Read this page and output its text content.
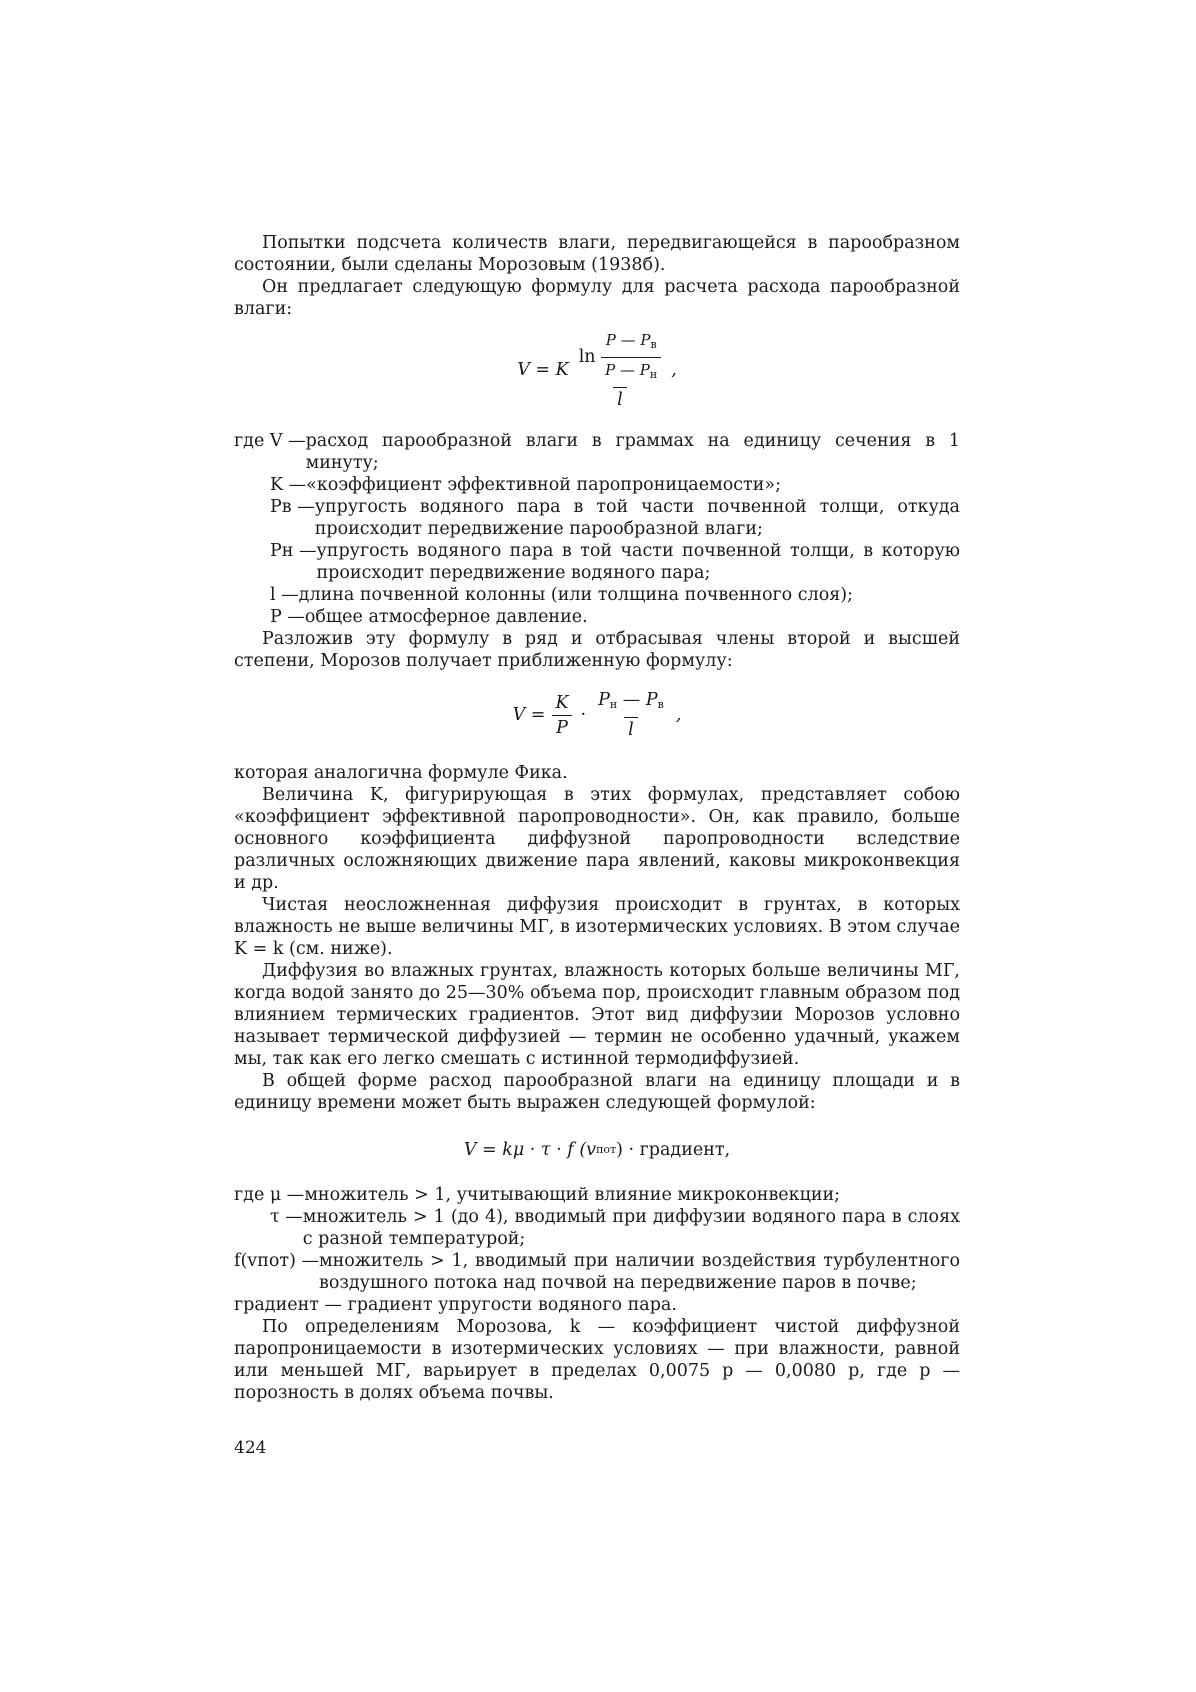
Попытки подсчета количеств влаги, передвигающейся в парообразном состоянии, были сделаны Морозовым (1938б).

Он предлагает следующую формулу для расчета расхода парообразной влаги:

V = K $\frac{\ln \frac{P — P_в}{P — P_н}}{l}$ ,
где V — расход парообразной влаги в граммах на единицу сечения в 1 минуту;
K — «коэффициент эффективной паропроницаемости»;
Pв — упругость водяного пара в той части почвенной толщи, откуда происходит передвижение парообразной влаги;
Pн — упругость водяного пара в той части почвенной толщи, в которую происходит передвижение водяного пара;
l — длина почвенной колонны (или толщина почвенного слоя);
P — общее атмосферное давление.

Разложив эту формулу в ряд и отбрасывая члены второй и высшей степени, Морозов получает приближенную формулу:

$V = \frac{K}{P} \cdot \frac{P_н — P_в}{l}$ ,

которая аналогична формуле Фика.

Величина K, фигурирующая в этих формулах, представляет собою «коэффициент эффективной паропроводности». Он, как правило, больше основного коэффициента диффузной паропроводности вследствие различных осложняющих движение пара явлений, каковы микроконвекция и др.

Чистая неосложненная диффузия происходит в грунтах, в которых влажность не выше величины МГ, в изотермических условиях. В этом случае K = k (см. ниже).

Диффузия во влажных грунтах, влажность которых больше величины МГ, когда водой занято до 25—30% объема пор, происходит главным образом под влиянием термических градиентов. Этот вид диффузии Морозов условно называет термической диффузией — термин не особенно удачный, укажем мы, так как его легко смешать с истинной термодиффузией.

В общей форме расход парообразной влаги на единицу площади и в единицу времени может быть выражен следующей формулой:

V = kμ · τ · f (v пот ) · градиент,
где μ — множитель > 1, учитывающий влияние микроконвекции;
τ — множитель > 1 (до 4), вводимый при диффузии водяного пара в слоях с разной температурой;
f(vпот) — множитель > 1, вводимый при наличии воздействия турбулентного воздушного потока над почвой на передвижение паров в почве;

градиент — градиент упругости водяного пара.

По определениям Морозова, k — коэффициент чистой диффузной паропроницаемости в изотермических условиях — при влажности, равной или меньшей МГ, варьирует в пределах 0,0075 p — 0,0080 p, где p — порозность в долях объема почвы.

424
